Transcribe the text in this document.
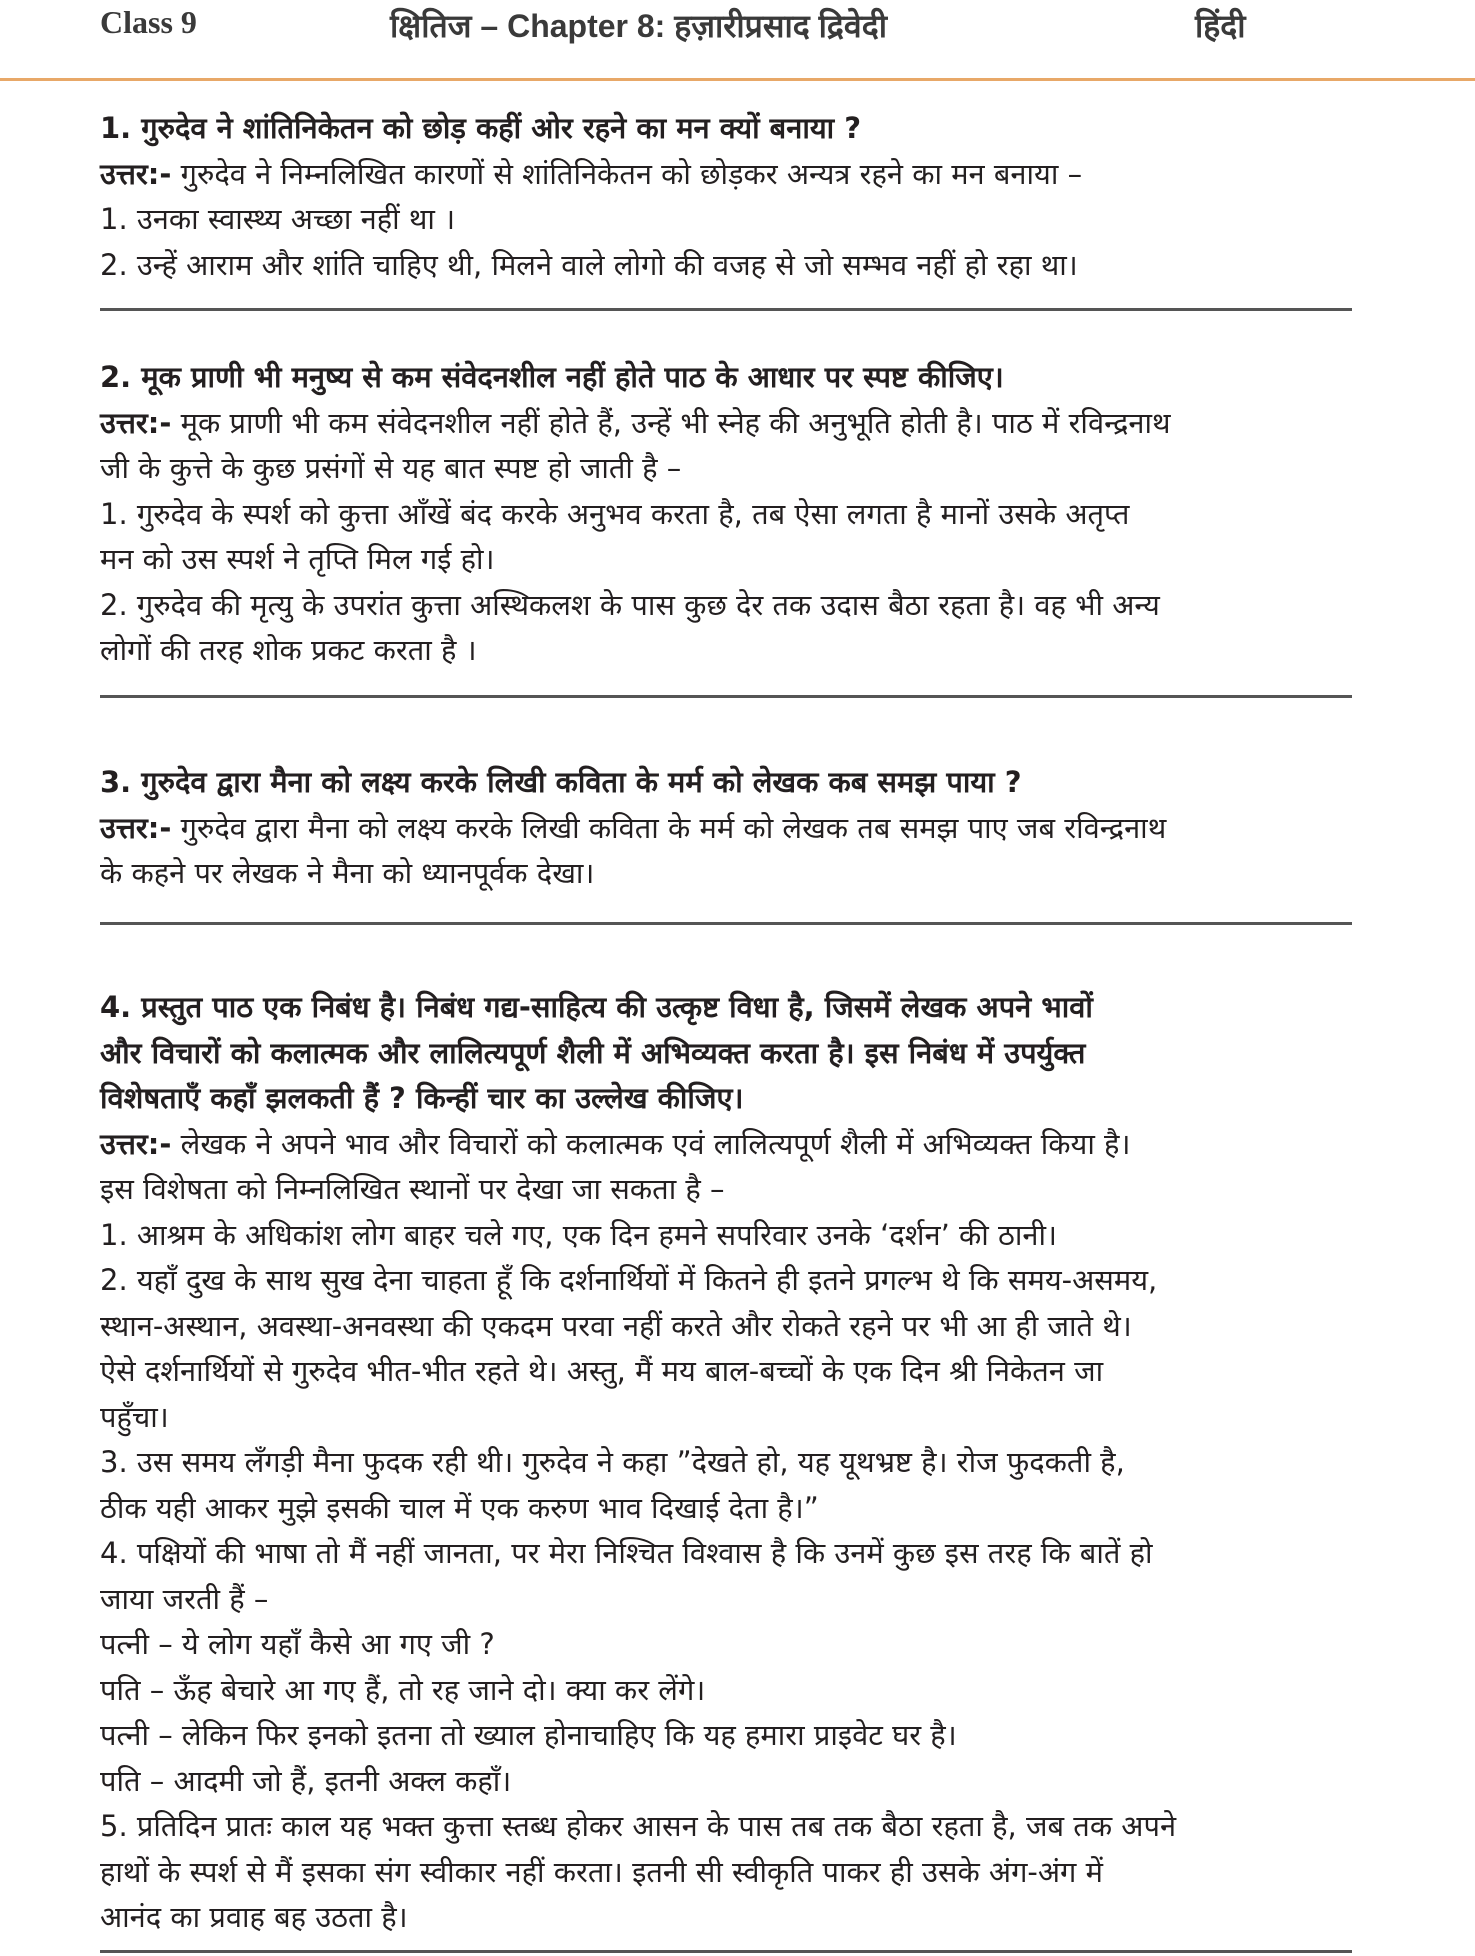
Class 9	क्षितिज – Chapter 8: हज़ारीप्रसाद द्रिवेदी	हिंदी
1. गुरुदेव ने शांतिनिकेतन को छोड़ कहीं ओर रहने का मन क्यों बनाया ?
उत्तर:- गुरुदेव ने निम्नलिखित कारणों से शांतिनिकेतन को छोड़कर अन्यत्र रहने का मन बनाया –
1. उनका स्वास्थ्य अच्छा नहीं था ।
2. उन्हें आराम और शांति चाहिए थी, मिलने वाले लोगो की वजह से जो सम्भव नहीं हो रहा था।
2. मूक प्राणी भी मनुष्य से कम संवेदनशील नहीं होते पाठ के आधार पर स्पष्ट कीजिए।
उत्तर:- मूक प्राणी भी कम संवेदनशील नहीं होते हैं, उन्हें भी स्नेह की अनुभूति होती है। पाठ में रविन्द्रनाथ
जी के कुत्ते के कुछ प्रसंगों से यह बात स्पष्ट हो जाती है –
1. गुरुदेव के स्पर्श को कुत्ता आँखें बंद करके अनुभव करता है, तब ऐसा लगता है मानों उसके अतृप्त
मन को उस स्पर्श ने तृप्ति मिल गई हो।
2. गुरुदेव की मृत्यु के उपरांत कुत्ता अस्थिकलश के पास कुछ देर तक उदास बैठा रहता है। वह भी अन्य
लोगों की तरह शोक प्रकट करता है ।
3. गुरुदेव द्वारा मैना को लक्ष्य करके लिखी कविता के मर्म को लेखक कब समझ पाया ?
उत्तर:- गुरुदेव द्वारा मैना को लक्ष्य करके लिखी कविता के मर्म को लेखक तब समझ पाए जब रविन्द्रनाथ
के कहने पर लेखक ने मैना को ध्यानपूर्वक देखा।
4. प्रस्तुत पाठ एक निबंध है। निबंध गद्य-साहित्य की उत्कृष्ट विधा है, जिसमें लेखक अपने भावों
और विचारों को कलात्मक और लालित्यपूर्ण शैली में अभिव्यक्त करता है। इस निबंध में उपर्युक्त
विशेषताएँ कहाँ झलकती हैं ? किन्हीं चार का उल्लेख कीजिए।
उत्तर:- लेखक ने अपने भाव और विचारों को कलात्मक एवं लालित्यपूर्ण शैली में अभिव्यक्त किया है।
इस विशेषता को निम्नलिखित स्थानों पर देखा जा सकता है –
1. आश्रम के अधिकांश लोग बाहर चले गए, एक दिन हमने सपरिवार उनके ‘दर्शन’ की ठानी।
2. यहाँ दुख के साथ सुख देना चाहता हूँ कि दर्शनार्थियों में कितने ही इतने प्रगल्भ थे कि समय-असमय,
स्थान-अस्थान, अवस्था-अनवस्था की एकदम परवा नहीं करते और रोकते रहने पर भी आ ही जाते थे।
ऐसे दर्शनार्थियों से गुरुदेव भीत-भीत रहते थे। अस्तु, मैं मय बाल-बच्चों के एक दिन श्री निकेतन जा
पहुँचा।
3. उस समय लँगड़ी मैना फुदक रही थी। गुरुदेव ने कहा ”देखते हो, यह यूथभ्रष्ट है। रोज फुदकती है,
ठीक यही आकर मुझे इसकी चाल में एक करुण भाव दिखाई देता है।”
4. पक्षियों की भाषा तो मैं नहीं जानता, पर मेरा निश्चित विश्वास है कि उनमें कुछ इस तरह कि बातें हो
जाया जरती हैं –
पत्नी – ये लोग यहाँ कैसे आ गए जी ?
पति – ऊँह बेचारे आ गए हैं, तो रह जाने दो। क्या कर लेंगे।
पत्नी – लेकिन फिर इनको इतना तो ख्याल होनाचाहिए कि यह हमारा प्राइवेट घर है।
पति – आदमी जो हैं, इतनी अक्ल कहाँ।
5. प्रतिदिन प्रातः काल यह भक्त कुत्ता स्तब्ध होकर आसन के पास तब तक बैठा रहता है, जब तक अपने
हाथों के स्पर्श से मैं इसका संग स्वीकार नहीं करता। इतनी सी स्वीकृति पाकर ही उसके अंग-अंग में
आनंद का प्रवाह बह उठता है।
